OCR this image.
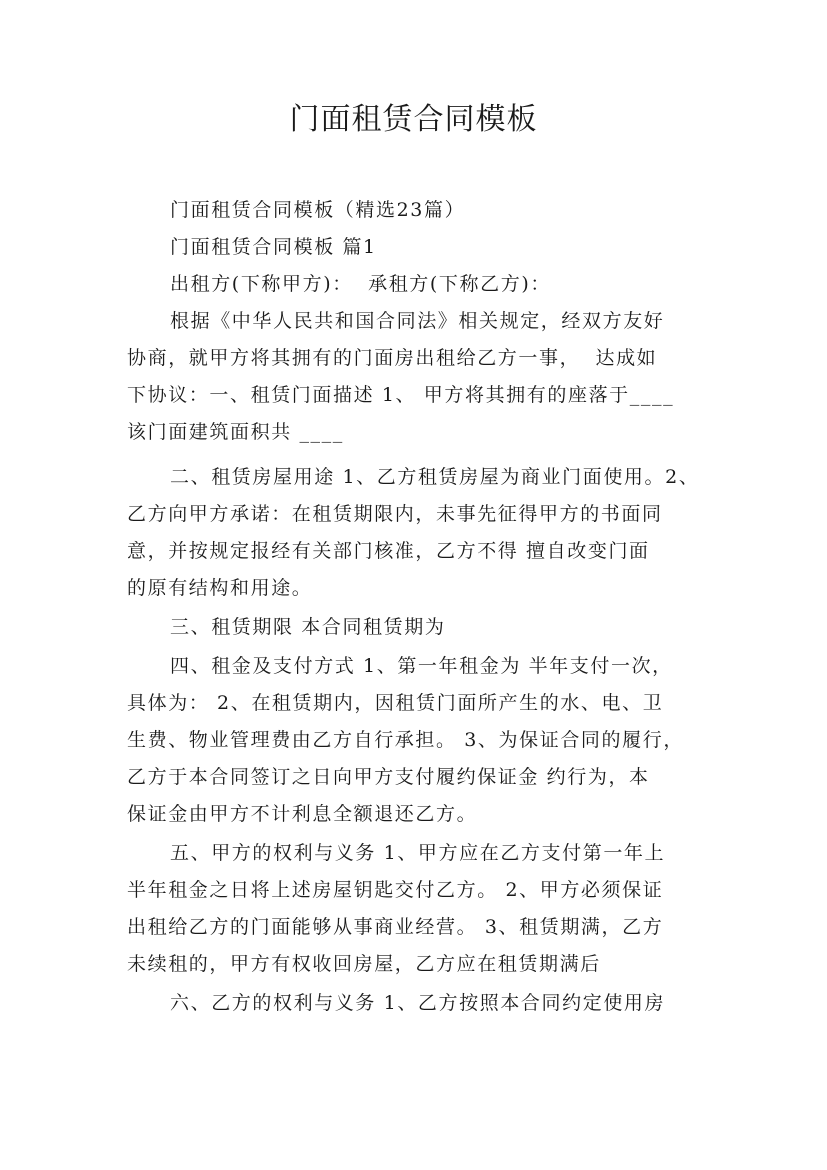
门面租赁合同模板

门面租赁合同模板（精选23篇）

门面租赁合同模板 篇1

出租方(下称甲方)：  承租方(下称乙方)：

根据《中华人民共和国合同法》相关规定，经双方友好

协商，就甲方将其拥有的门面房出租给乙方一事，  达成如

下协议：一、租赁门面描述 1、 甲方将其拥有的座落于____

该门面建筑面积共 ____

二、租赁房屋用途 1、乙方租赁房屋为商业门面使用。2、

乙方向甲方承诺：在租赁期限内，未事先征得甲方的书面同

意，并按规定报经有关部门核准，乙方不得 擅自改变门面

的原有结构和用途。

三、租赁期限 本合同租赁期为

四、租金及支付方式 1、第一年租金为 半年支付一次，

具体为： 2、在租赁期内，因租赁门面所产生的水、电、卫

生费、物业管理费由乙方自行承担。 3、为保证合同的履行，

乙方于本合同签订之日向甲方支付履约保证金 约行为，本

保证金由甲方不计利息全额退还乙方。

五、甲方的权利与义务 1、甲方应在乙方支付第一年上

半年租金之日将上述房屋钥匙交付乙方。 2、甲方必须保证

出租给乙方的门面能够从事商业经营。 3、租赁期满，乙方

未续租的，甲方有权收回房屋，乙方应在租赁期满后

六、乙方的权利与义务 1、乙方按照本合同约定使用房
